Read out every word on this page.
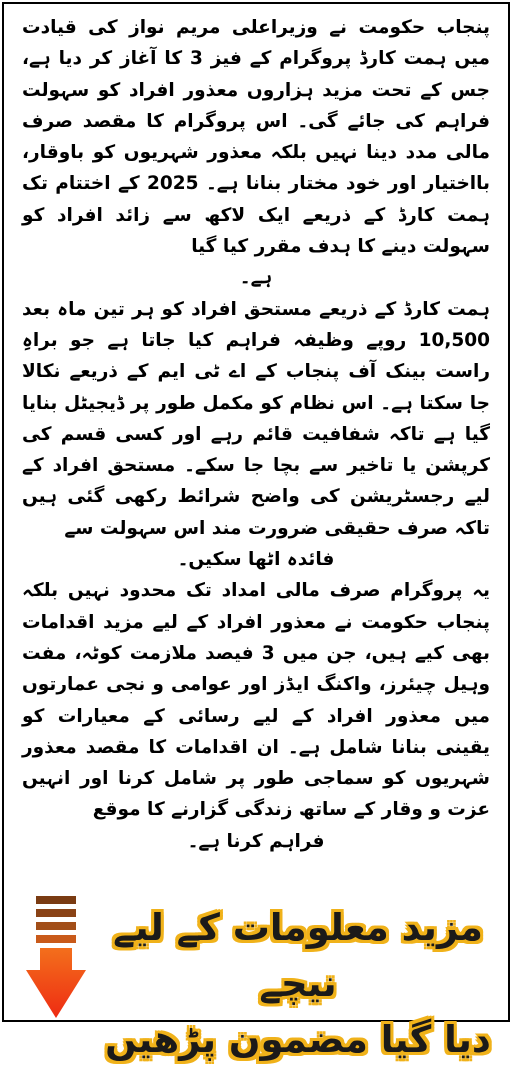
پنجاب حکومت نے وزیراعلی مریم نواز کی قیادت میں ہمت کارڈ پروگرام کے فیز 3 کا آغاز کر دیا ہے، جس کے تحت مزید ہزاروں معذور افراد کو سہولت فراہم کی جائے گی۔ اس پروگرام کا مقصد صرف مالی مدد دینا نہیں بلکہ معذور شہریوں کو باوقار، بااختیار اور خود مختار بنانا ہے۔ 2025 کے اختتام تک ہمت کارڈ کے ذریعے ایک لاکھ سے زائد افراد کو سہولت دینے کا ہدف مقرر کیا گیا

ہے۔

ہمت کارڈ کے ذریعے مستحق افراد کو ہر تین ماہ بعد 10,500 روپے وظیفہ فراہم کیا جاتا ہے جو براہِ راست بینک آف پنجاب کے اے ٹی ایم کے ذریعے نکالا جا سکتا ہے۔ اس نظام کو مکمل طور پر ڈیجیٹل بنایا گیا ہے تاکہ شفافیت قائم رہے اور کسی قسم کی کرپشن یا تاخیر سے بچا جا سکے۔ مستحق افراد کے لیے رجسٹریشن کی واضح شرائط رکھی گئی ہیں تاکہ صرف حقیقی ضرورت مند اس سہولت سے

فائدہ اٹھا سکیں۔

یہ پروگرام صرف مالی امداد تک محدود نہیں بلکہ پنجاب حکومت نے معذور افراد کے لیے مزید اقدامات بھی کیے ہیں، جن میں 3 فیصد ملازمت کوٹہ، مفت وہیل چیئرز، واکنگ ایڈز اور عوامی و نجی عمارتوں میں معذور افراد کے لیے رسائی کے معیارات کو یقینی بنانا شامل ہے۔ ان اقدامات کا مقصد معذور شہریوں کو سماجی طور پر شامل کرنا اور انہیں عزت و وقار کے ساتھ زندگی گزارنے کا موقع

فراہم کرنا ہے۔

مزید معلومات کے لیے نیچے
دیا گیا مضمون پڑھیں
